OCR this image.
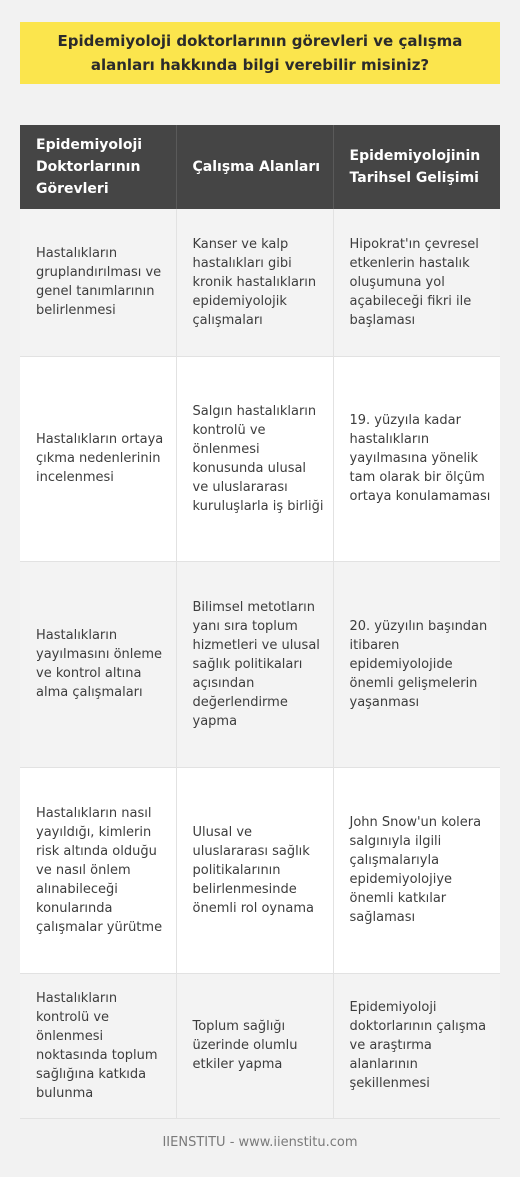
Epidemiyoloji doktorlarının görevleri ve çalışma alanları hakkında bilgi verebilir misiniz?
Epidemiyoloji Doktorlarının Görevleri	Çalışma Alanları	Epidemiyolojinin Tarihsel Gelişimi
Hastalıkların gruplandırılması ve genel tanımlarının belirlenmesi	Kanser ve kalp hastalıkları gibi kronik hastalıkların epidemiyolojik çalışmaları	Hipokrat'ın çevresel etkenlerin hastalık oluşumuna yol açabileceği fikri ile başlaması
Hastalıkların ortaya çıkma nedenlerinin incelenmesi	Salgın hastalıkların kontrolü ve önlenmesi konusunda ulusal ve uluslararası kuruluşlarla iş birliği	19. yüzyıla kadar hastalıkların yayılmasına yönelik tam olarak bir ölçüm ortaya konulamaması
Hastalıkların yayılmasını önleme ve kontrol altına alma çalışmaları	Bilimsel metotların yanı sıra toplum hizmetleri ve ulusal sağlık politikaları açısından değerlendirme yapma	20. yüzyılın başından itibaren epidemiyolojide önemli gelişmelerin yaşanması
Hastalıkların nasıl yayıldığı, kimlerin risk altında olduğu ve nasıl önlem alınabileceği konularında çalışmalar yürütme	Ulusal ve uluslararası sağlık politikalarının belirlenmesinde önemli rol oynama	John Snow'un kolera salgınıyla ilgili çalışmalarıyla epidemiyolojiye önemli katkılar sağlaması
Hastalıkların kontrolü ve önlenmesi noktasında toplum sağlığına katkıda bulunma	Toplum sağlığı üzerinde olumlu etkiler yapma	Epidemiyoloji doktorlarının çalışma ve araştırma alanlarının şekillenmesi
IIENSTITU - www.iienstitu.com
